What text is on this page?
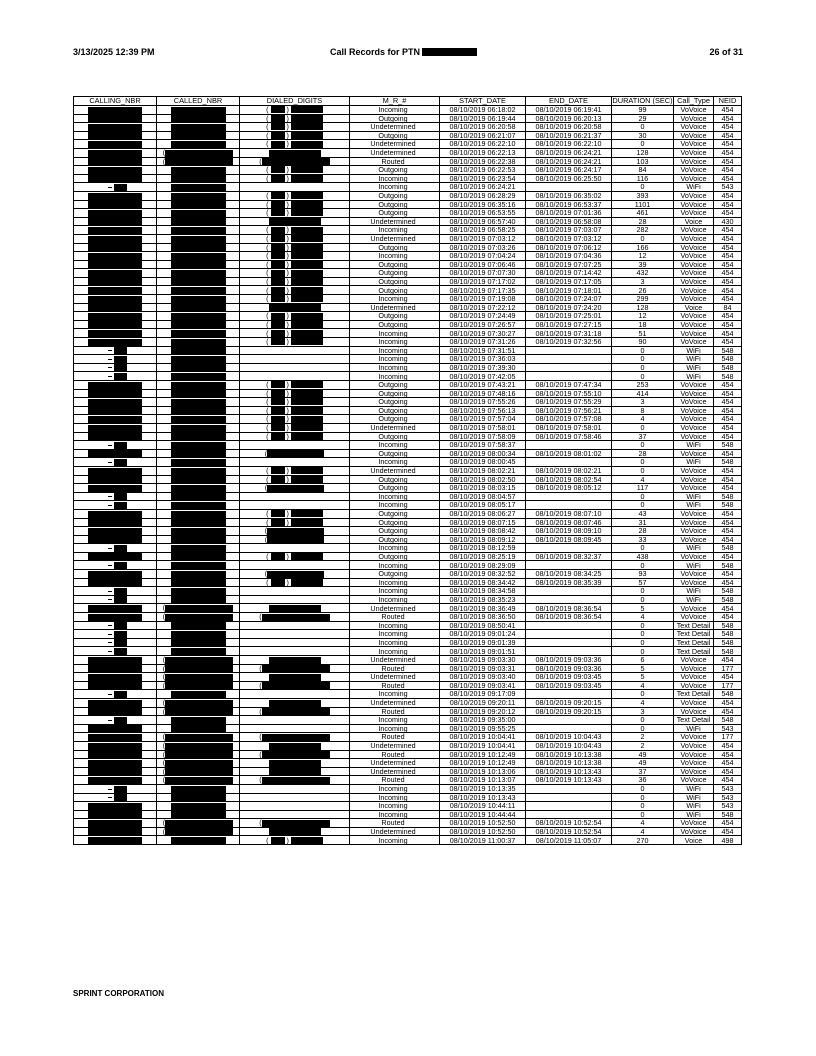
3/13/2025 12:39 PM	Call Records for PTN	26 of 31
CALLING_NBR	CALLED_NBR	DIALED_DIGITS	M_R_#	START_DATE	END_DATE	DURATION (SEC)	Call_Type	NEID

		( )	Incoming	08/10/2019 06:18:02	08/10/2019 06:19:41	99	VoVoice	454

		( )	Outgoing	08/10/2019 06:19:44	08/10/2019 06:20:13	29	VoVoice	454

		( )	Undetermined	08/10/2019 06:20:58	08/10/2019 06:20:58	0	VoVoice	454

		( )	Outgoing	08/10/2019 06:21:07	08/10/2019 06:21:37	30	VoVoice	454

		( )	Undetermined	08/10/2019 06:22:10	08/10/2019 06:22:10	0	VoVoice	454
	(		Undetermined	08/10/2019 06:22:13	08/10/2019 06:24:21	128	VoVoice	454
	(	(	Routed	08/10/2019 06:22:38	08/10/2019 06:24:21	103	VoVoice	454

		( )	Outgoing	08/10/2019 06:22:53	08/10/2019 06:24:17	84	VoVoice	454

		( )	Incoming	08/10/2019 06:23:54	08/10/2019 06:25:50	116	VoVoice	454
			Incoming	08/10/2019 06:24:21		0	WiFi	543

		( )	Outgoing	08/10/2019 06:28:29	08/10/2019 06:35:02	393	VoVoice	454

		( )	Outgoing	08/10/2019 06:35:16	08/10/2019 06:53:37	1101	VoVoice	454

		( )	Outgoing	08/10/2019 06:53:55	08/10/2019 07:01:36	461	VoVoice	454
			Undetermined	08/10/2019 06:57:40	08/10/2019 06:58:08	28	Voice	430

		( )	Incoming	08/10/2019 06:58:25	08/10/2019 07:03:07	282	VoVoice	454

		( )	Undetermined	08/10/2019 07:03:12	08/10/2019 07:03:12	0	VoVoice	454

		( )	Outgoing	08/10/2019 07:03:26	08/10/2019 07:06:12	166	VoVoice	454

		( )	Incoming	08/10/2019 07:04:24	08/10/2019 07:04:36	12	VoVoice	454

		( )	Outgoing	08/10/2019 07:06:46	08/10/2019 07:07:25	39	VoVoice	454

		( )	Outgoing	08/10/2019 07:07:30	08/10/2019 07:14:42	432	VoVoice	454

		( )	Outgoing	08/10/2019 07:17:02	08/10/2019 07:17:05	3	VoVoice	454

		( )	Outgoing	08/10/2019 07:17:35	08/10/2019 07:18:01	26	VoVoice	454

		( )	Incoming	08/10/2019 07:19:08	08/10/2019 07:24:07	299	VoVoice	454
			Undetermined	08/10/2019 07:22:12	08/10/2019 07:24:20	128	Voice	84

		( )	Outgoing	08/10/2019 07:24:49	08/10/2019 07:25:01	12	VoVoice	454

		( )	Outgoing	08/10/2019 07:26:57	08/10/2019 07:27:15	18	VoVoice	454

		( )	Incoming	08/10/2019 07:30:27	08/10/2019 07:31:18	51	VoVoice	454

		( )	Incoming	08/10/2019 07:31:26	08/10/2019 07:32:56	90	VoVoice	454
			Incoming	08/10/2019 07:31:51		0	WiFi	548
			Incoming	08/10/2019 07:36:03		0	WiFi	548
			Incoming	08/10/2019 07:39:30		0	WiFi	548
			Incoming	08/10/2019 07:42:05		0	WiFi	548

		( )	Outgoing	08/10/2019 07:43:21	08/10/2019 07:47:34	253	VoVoice	454

		( )	Outgoing	08/10/2019 07:48:16	08/10/2019 07:55:10	414	VoVoice	454

		( )	Outgoing	08/10/2019 07:55:26	08/10/2019 07:55:29	3	VoVoice	454

		( )	Outgoing	08/10/2019 07:56:13	08/10/2019 07:56:21	8	VoVoice	454

		( )	Outgoing	08/10/2019 07:57:04	08/10/2019 07:57:08	4	VoVoice	454

		( )	Undetermined	08/10/2019 07:58:01	08/10/2019 07:58:01	0	VoVoice	454

		( )	Outgoing	08/10/2019 07:58:09	08/10/2019 07:58:46	37	VoVoice	454
			Incoming	08/10/2019 07:58:37		0	WiFi	548
		(	Outgoing	08/10/2019 08:00:34	08/10/2019 08:01:02	28	VoVoice	454
			Incoming	08/10/2019 08:00:45		0	WiFi	548

		( )	Undetermined	08/10/2019 08:02:21	08/10/2019 08:02:21	0	VoVoice	454

		( )	Outgoing	08/10/2019 08:02:50	08/10/2019 08:02:54	4	VoVoice	454
		(	Outgoing	08/10/2019 08:03:15	08/10/2019 08:05:12	117	VoVoice	454
			Incoming	08/10/2019 08:04:57		0	WiFi	548
			Incoming	08/10/2019 08:05:17		0	WiFi	548

		( )	Outgoing	08/10/2019 08:06:27	08/10/2019 08:07:10	43	VoVoice	454

		( )	Outgoing	08/10/2019 08:07:15	08/10/2019 08:07:46	31	VoVoice	454
		(	Outgoing	08/10/2019 08:08:42	08/10/2019 08:09:10	28	VoVoice	454
		(	Outgoing	08/10/2019 08:09:12	08/10/2019 08:09:45	33	VoVoice	454
			Incoming	08/10/2019 08:12:59		0	WiFi	548

		( )	Outgoing	08/10/2019 08:25:19	08/10/2019 08:32:37	438	VoVoice	454
			Incoming	08/10/2019 08:29:09		0	WiFi	548
		(	Outgoing	08/10/2019 08:32:52	08/10/2019 08:34:25	93	VoVoice	454

		( )	Incoming	08/10/2019 08:34:42	08/10/2019 08:35:39	57	VoVoice	454
			Incoming	08/10/2019 08:34:58		0	WiFi	548
			Incoming	08/10/2019 08:35:23		0	WiFi	548
	(		Undetermined	08/10/2019 08:36:49	08/10/2019 08:36:54	5	VoVoice	454
	(	(	Routed	08/10/2019 08:36:50	08/10/2019 08:36:54	4	VoVoice	454
			Incoming	08/10/2019 08:50:41		0	Text Detail	548
			Incoming	08/10/2019 09:01:24		0	Text Detail	548
			Incoming	08/10/2019 09:01:39		0	Text Detail	548
			Incoming	08/10/2019 09:01:51		0	Text Detail	548
	(		Undetermined	08/10/2019 09:03:30	08/10/2019 09:03:36	6	VoVoice	454
	(	(	Routed	08/10/2019 09:03:31	08/10/2019 09:03:36	5	VoVoice	177
	(		Undetermined	08/10/2019 09:03:40	08/10/2019 09:03:45	5	VoVoice	454
	(	(	Routed	08/10/2019 09:03:41	08/10/2019 09:03:45	4	VoVoice	177
			Incoming	08/10/2019 09:17:09		0	Text Detail	548
	(		Undetermined	08/10/2019 09:20:11	08/10/2019 09:20:15	4	VoVoice	454
	(	(	Routed	08/10/2019 09:20:12	08/10/2019 09:20:15	3	VoVoice	454
			Incoming	08/10/2019 09:35:00		0	Text Detail	548
			Incoming	08/10/2019 09:55:25		0	WiFi	543
	(	(	Routed	08/10/2019 10:04:41	08/10/2019 10:04:43	2	VoVoice	177
	(		Undetermined	08/10/2019 10:04:41	08/10/2019 10:04:43	2	VoVoice	454
	(	(	Routed	08/10/2019 10:12:49	08/10/2019 10:13:38	49	VoVoice	454
	(		Undetermined	08/10/2019 10:12:49	08/10/2019 10:13:38	49	VoVoice	454
	(		Undetermined	08/10/2019 10:13:06	08/10/2019 10:13:43	37	VoVoice	454
	(	(	Routed	08/10/2019 10:13:07	08/10/2019 10:13:43	36	VoVoice	454
			Incoming	08/10/2019 10:13:35		0	WiFi	543
			Incoming	08/10/2019 10:13:43		0	WiFi	543
			Incoming	08/10/2019 10:44:11		0	WiFi	543
			Incoming	08/10/2019 10:44:44		0	WiFi	548
	(	(	Routed	08/10/2019 10:52:50	08/10/2019 10:52:54	4	VoVoice	454
	(		Undetermined	08/10/2019 10:52:50	08/10/2019 10:52:54	4	VoVoice	454

		( )	Incoming	08/10/2019 11:00:37	08/10/2019 11:05:07	270	Voice	498
SPRINT CORPORATION
